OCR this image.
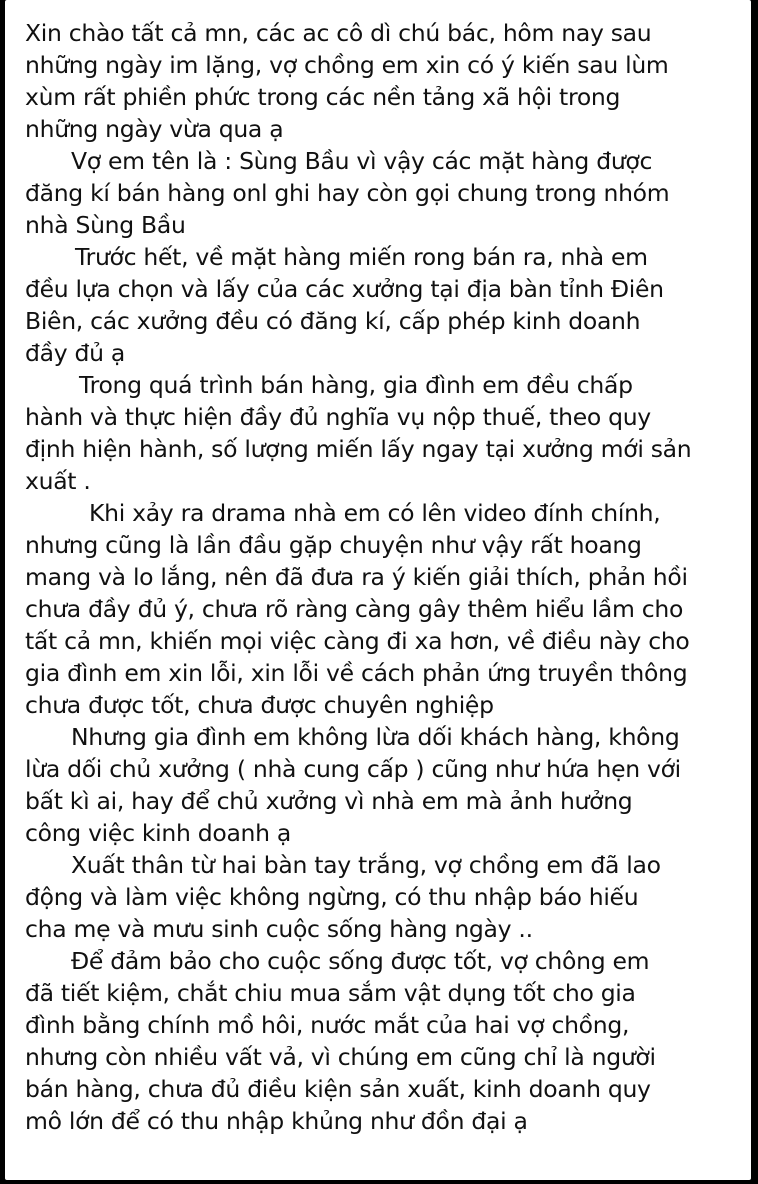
Xin chào tất cả mn, các ac cô dì chú bác, hôm nay sau
những ngày im lặng, vợ chồng em xin có ý kiến sau lùm
xùm rất phiền phức trong các nền tảng xã hội trong
những ngày vừa qua ạ
Vợ em tên là : Sùng Bầu vì vậy các mặt hàng được
đăng kí bán hàng onl ghi hay còn gọi chung trong nhóm
nhà Sùng Bầu
Trước hết, về mặt hàng miến rong bán ra, nhà em
đều lựa chọn và lấy của các xưởng tại địa bàn tỉnh Điên
Biên, các xưởng đều có đăng kí, cấp phép kinh doanh
đầy đủ ạ
Trong quá trình bán hàng, gia đình em đều chấp
hành và thực hiện đầy đủ nghĩa vụ nộp thuế, theo quy
định hiện hành, số lượng miến lấy ngay tại xưởng mới sản
xuất .
Khi xảy ra drama nhà em có lên video đính chính,
nhưng cũng là lần đầu gặp chuyện như vậy rất hoang
mang và lo lắng, nên đã đưa ra ý kiến giải thích, phản hồi
chưa đầy đủ ý, chưa rõ ràng càng gây thêm hiểu lầm cho
tất cả mn, khiến mọi việc càng đi xa hơn, về điều này cho
gia đình em xin lỗi, xin lỗi về cách phản ứng truyền thông
chưa được tốt, chưa được chuyên nghiệp
Nhưng gia đình em không lừa dối khách hàng, không
lừa dối chủ xưởng ( nhà cung cấp ) cũng như hứa hẹn với
bất kì ai, hay để chủ xưởng vì nhà em mà ảnh hưởng
công việc kinh doanh ạ
Xuất thân từ hai bàn tay trắng, vợ chồng em đã lao
động và làm việc không ngừng, có thu nhập báo hiếu
cha mẹ và mưu sinh cuộc sống hàng ngày ..
Để đảm bảo cho cuộc sống được tốt, vợ chông em
đã tiết kiệm, chắt chiu mua sắm vật dụng tốt cho gia
đình bằng chính mồ hôi, nước mắt của hai vợ chồng,
nhưng còn nhiều vất vả, vì chúng em cũng chỉ là người
bán hàng, chưa đủ điều kiện sản xuất, kinh doanh quy
mô lớn để có thu nhập khủng như đồn đại ạ
